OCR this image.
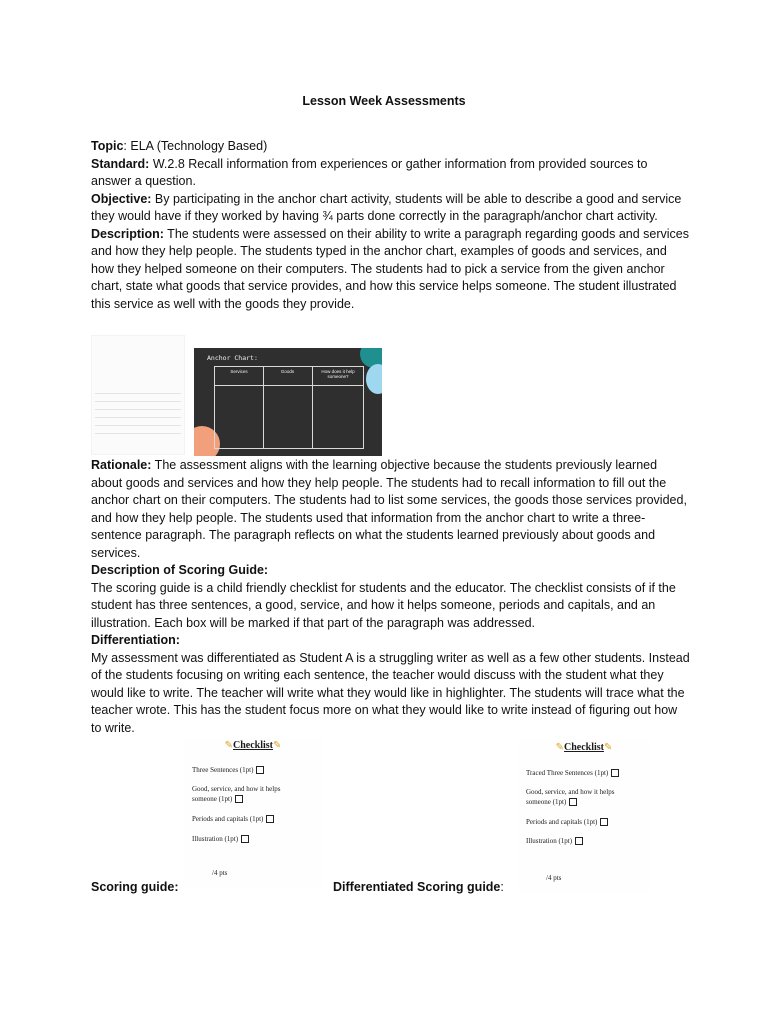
Lesson Week Assessments

Topic: ELA (Technology Based)

Standard: W.2.8 Recall information from experiences or gather information from provided sources to answer a question.

Objective: By participating in the anchor chart activity, students will be able to describe a good and service they would have if they worked by having ¾ parts done correctly in the paragraph/anchor chart activity.

Description: The students were assessed on their ability to write a paragraph regarding goods and services and how they help people. The students typed in the anchor chart, examples of goods and services, and how they helped someone on their computers. The students had to pick a service from the given anchor chart, state what goods that service provides, and how this service helps someone. The student illustrated this service as well with the goods they provide.

Anchor Chart:
Services	Goods	How does it help someone?

Rationale: The assessment aligns with the learning objective because the students previously learned about goods and services and how they help people. The students had to recall information to fill out the anchor chart on their computers. The students had to list some services, the goods those services provided, and how they help people. The students used that information from the anchor chart to write a three-sentence paragraph. The paragraph reflects on what the students learned previously about goods and services.

Description of Scoring Guide:

The scoring guide is a child friendly checklist for students and the educator. The checklist consists of if the student has three sentences, a good, service, and how it helps someone, periods and capitals, and an illustration. Each box will be marked if that part of the paragraph was addressed.

Differentiation:

My assessment was differentiated as Student A is a struggling writer as well as a few other students. Instead of the students focusing on writing each sentence, the teacher would discuss with the student what they would like to write. The teacher will write what they would like in highlighter. The students will trace what the teacher wrote. This has the student focus more on what they would like to write instead of figuring out how to write.

✎Checklist✎
Three Sentences (1pt)
Good, service, and how it helps
someone (1pt)
Periods and capitals (1pt)
Illustration (1pt)
/4 pts
✎Checklist✎
Traced Three Sentences (1pt)
Good, service, and how it helps
someone (1pt)
Periods and capitals (1pt)
Illustration (1pt)
/4 pts
Scoring guide:	Differentiated Scoring guide:
